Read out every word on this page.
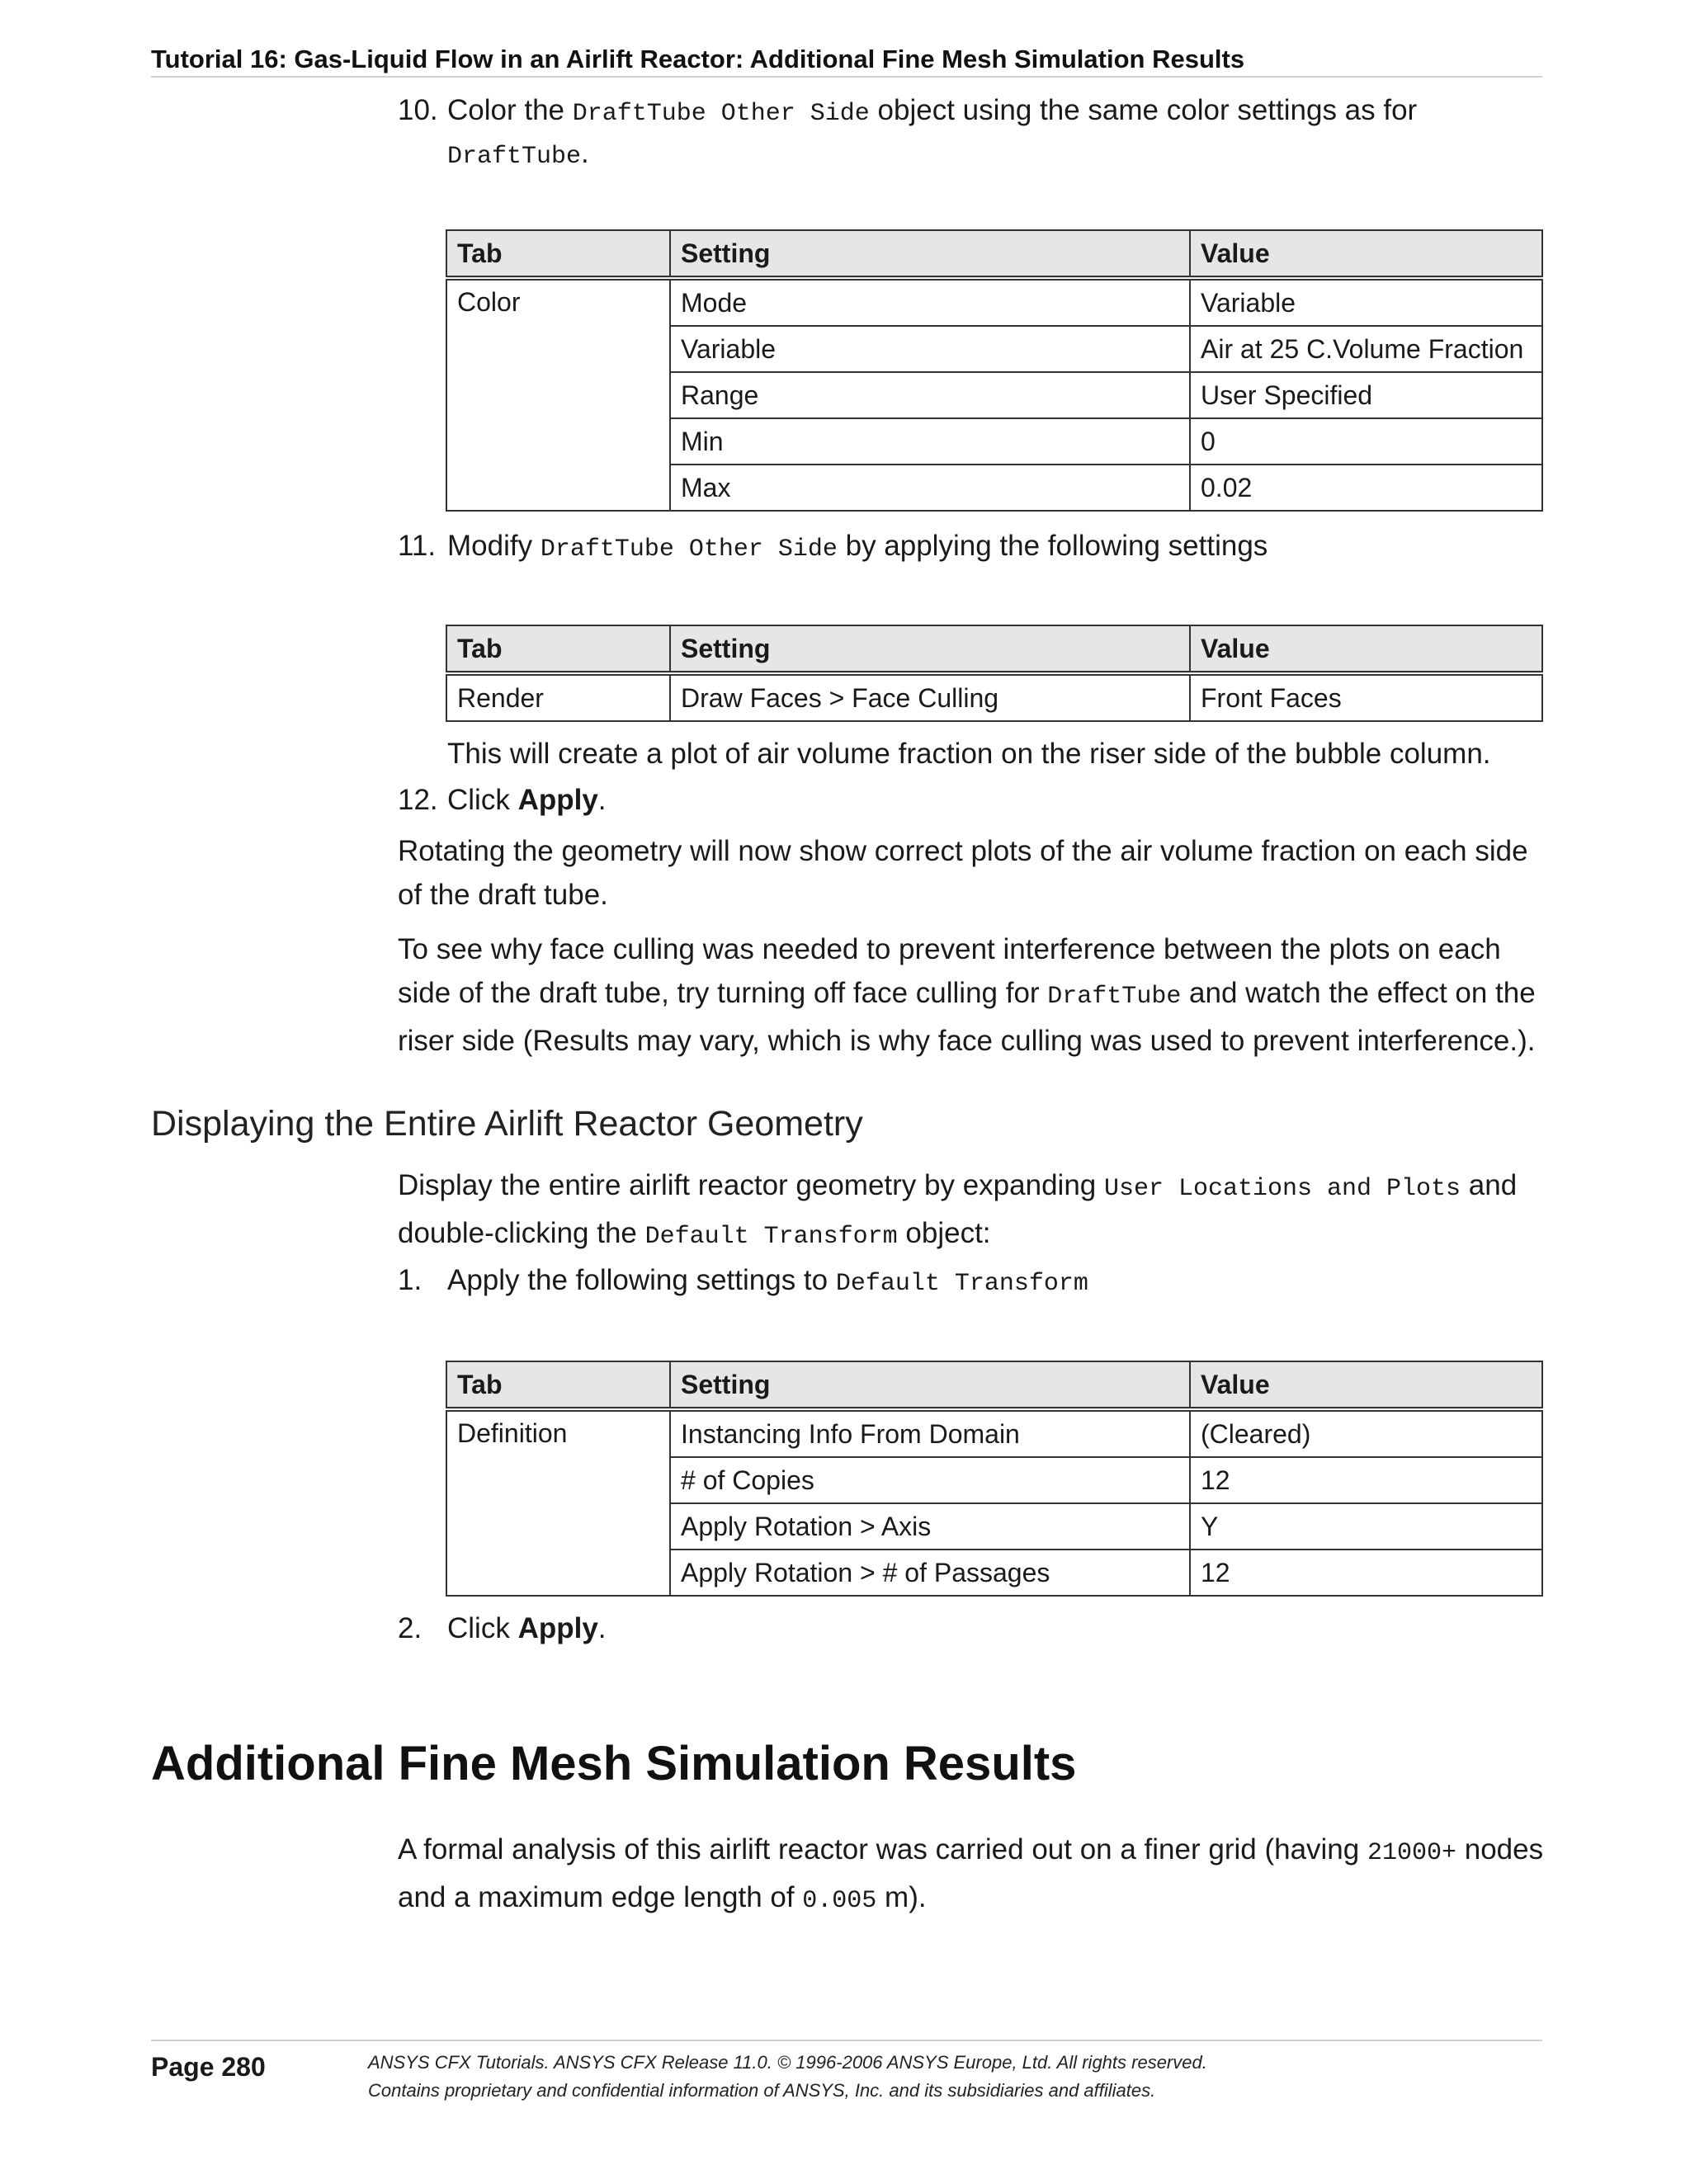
Tutorial 16: Gas-Liquid Flow in an Airlift Reactor: Additional Fine Mesh Simulation Results
10. Color the DraftTube Other Side object using the same color settings as for
DraftTube.
Tab	Setting	Value
Color	Mode	Variable
	Variable	Air at 25 C.Volume Fraction
	Range	User Specified
	Min	0
	Max	0.02
11. Modify DraftTube Other Side by applying the following settings
Tab	Setting	Value
Render	Draw Faces > Face Culling	Front Faces
This will create a plot of air volume fraction on the riser side of the bubble column.
12. Click Apply.
Rotating the geometry will now show correct plots of the air volume fraction on each side of the draft tube.
To see why face culling was needed to prevent interference between the plots on each side of the draft tube, try turning off face culling for DraftTube and watch the effect on the riser side (Results may vary, which is why face culling was used to prevent interference.).
Displaying the Entire Airlift Reactor Geometry
Display the entire airlift reactor geometry by expanding User Locations and Plots and double-clicking the Default Transform object:
1. Apply the following settings to Default Transform
Tab	Setting	Value
Definition	Instancing Info From Domain	(Cleared)
	# of Copies	12
	Apply Rotation > Axis	Y
	Apply Rotation > # of Passages	12
2. Click Apply.
Additional Fine Mesh Simulation Results
A formal analysis of this airlift reactor was carried out on a finer grid (having 21000+ nodes and a maximum edge length of 0.005 m).
Page 280	ANSYS CFX Tutorials. ANSYS CFX Release 11.0. © 1996-2006 ANSYS Europe, Ltd. All rights reserved.
Contains proprietary and confidential information of ANSYS, Inc. and its subsidiaries and affiliates.
